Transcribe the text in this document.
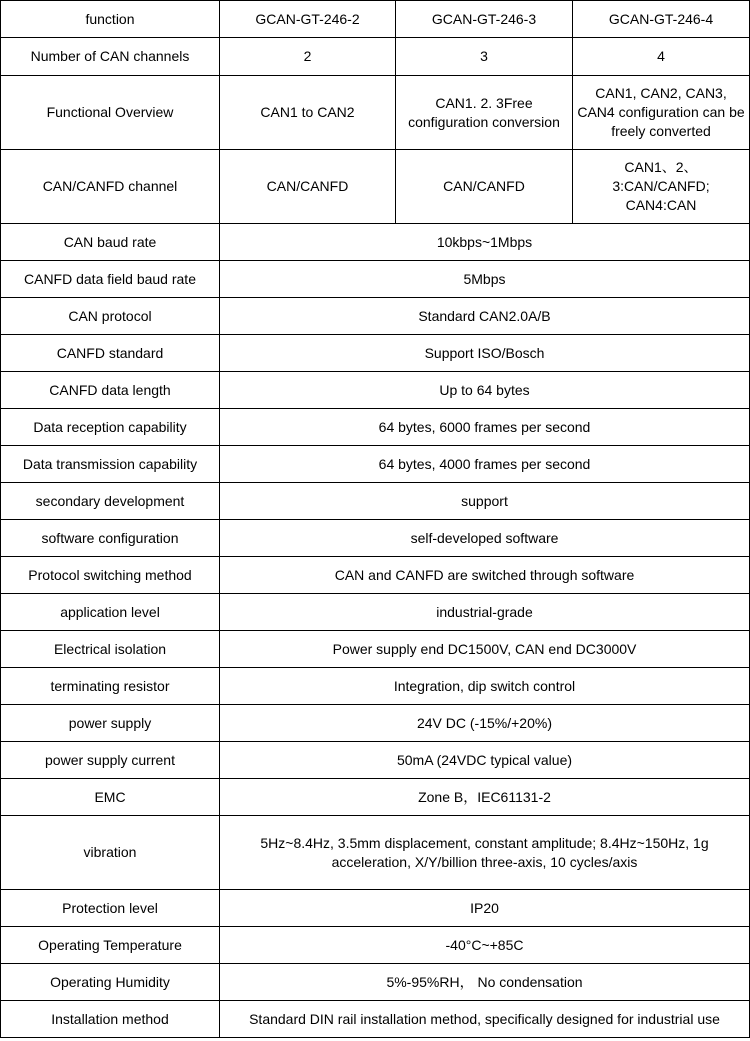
function	GCAN-GT-246-2	GCAN-GT-246-3	GCAN-GT-246-4
Number of CAN channels	2	3	4
Functional Overview	CAN1 to CAN2	CAN1. 2. 3Free configuration conversion	CAN1, CAN2, CAN3, CAN4 configuration can be freely converted
CAN/CANFD channel	CAN/CANFD	CAN/CANFD	CAN1、2、3:CAN/CANFD; CAN4:CAN
CAN baud rate	10kbps~1Mbps		
CANFD data field baud rate	5Mbps		
CAN protocol	Standard CAN2.0A/B		
CANFD standard	Support ISO/Bosch		
CANFD data length	Up to 64 bytes		
Data reception capability	64 bytes, 6000 frames per second		
Data transmission capability	64 bytes, 4000 frames per second		
secondary development	support		
software configuration	self-developed software		
Protocol switching method	CAN and CANFD are switched through software		
application level	industrial-grade		
Electrical isolation	Power supply end DC1500V, CAN end DC3000V		
terminating resistor	Integration, dip switch control		
power supply	24V DC (-15%/+20%)		
power supply current	50mA (24VDC typical value)		
EMC	Zone B，IEC61131-2		
vibration	5Hz~8.4Hz, 3.5mm displacement, constant amplitude; 8.4Hz~150Hz, 1g acceleration, X/Y/billion three-axis, 10 cycles/axis		
Protection level	IP20		
Operating Temperature	-40°C~+85C		
Operating Humidity	5%-95%RH， No condensation		
Installation method	Standard DIN rail installation method, specifically designed for industrial use		
